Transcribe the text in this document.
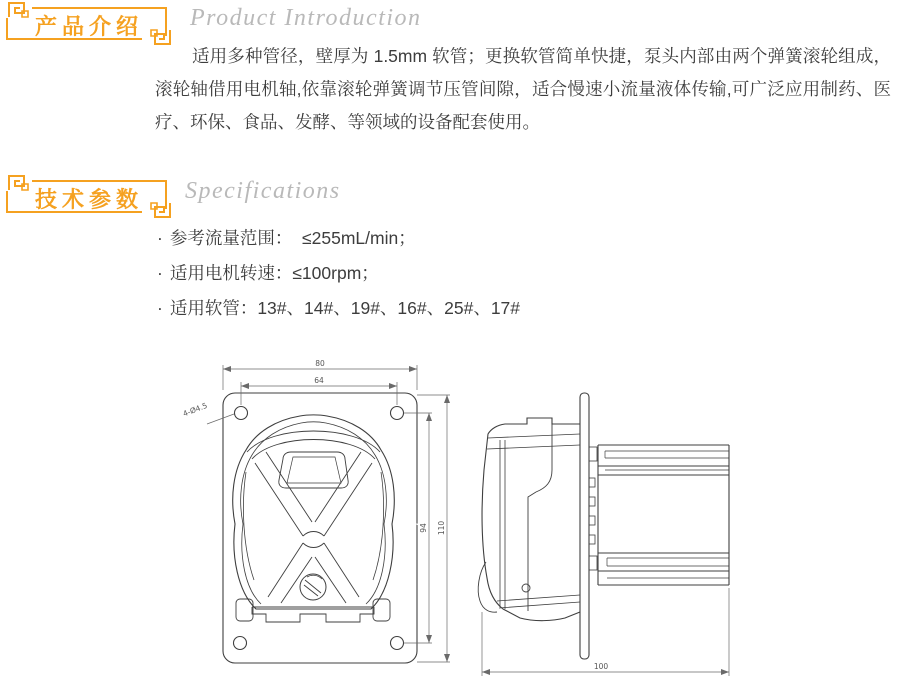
产品介绍	Product Introduction
适用多种管径，壁厚为 1.5mm 软管；更换软管简单快捷，泵头内部由两个弹簧滚轮组成，滚轮轴借用电机轴,依靠滚轮弹簧调节压管间隙，适合慢速小流量液体传输,可广泛应用制药、医疗、环保、食品、发酵、等领域的设备配套使用。
技术参数	Specifications
· 参考流量范围：  ≤255mL/min；
· 适用电机转速：≤100rpm；
· 适用软管：13#、14#、19#、16#、25#、17#
80
64
94 110
4-Ø4.5
100
